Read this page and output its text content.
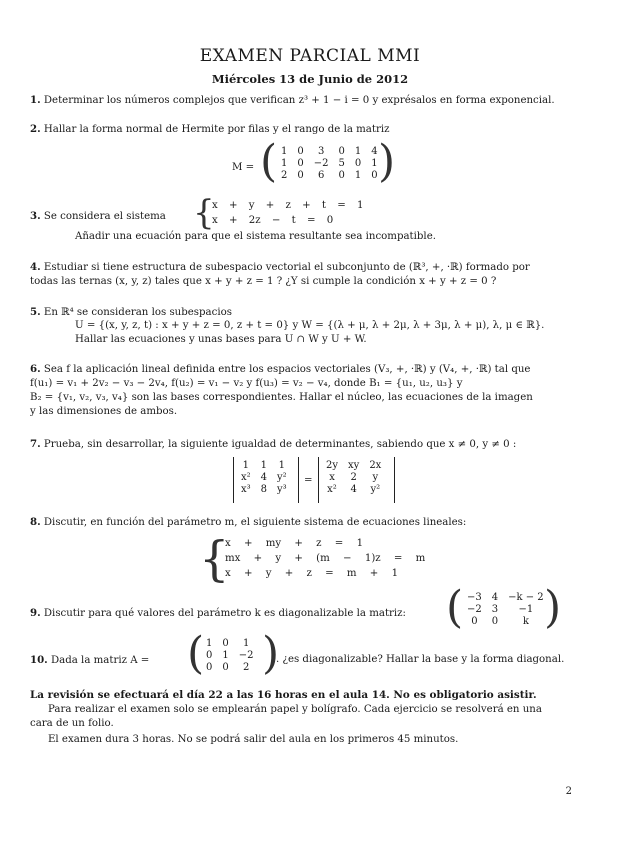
EXAMEN PARCIAL MMI
Miércoles 13 de Junio de 2012
1. Determinar los números complejos que verifican z³ + 1 − i = 0 y exprésalos en forma exponencial.
2. Hallar la forma normal de Hermite por filas y el rango de la matriz
M = ( 1	0	3	0	1	4
1	0	−2	5	0	1
2	0	6	0	1	0 )
3. Se considera el sistema {
x + y + z + t = 1
x + 2z − t = 0
Añadir una ecuación para que el sistema resultante sea incompatible.
4. Estudiar si tiene estructura de subespacio vectorial el subconjunto de (ℝ³, +, ·ℝ) formado por
todas las ternas (x, y, z) tales que x + y + z = 1 ? ¿Y si cumple la condición x + y + z = 0 ?
5. En ℝ⁴ se consideran los subespacios
U = {(x, y, z, t) : x + y + z = 0, z + t = 0} y W = {(λ + μ, λ + 2μ, λ + 3μ, λ + μ), λ, μ ∈ ℝ}.
Hallar las ecuaciones y unas bases para U ∩ W y U + W.
6. Sea f la aplicación lineal definida entre los espacios vectoriales (V₃, +, ·ℝ) y (V₄, +, ·ℝ) tal que
f(u₁) = v₁ + 2v₂ − v₃ − 2v₄, f(u₂) = v₁ − v₂ y f(u₃) = v₂ − v₄, donde B₁ = {u₁, u₂, u₃} y
B₂ = {v₁, v₂, v₃, v₄} son las bases correspondientes. Hallar el núcleo, las ecuaciones de la imagen
y las dimensiones de ambos.
7. Prueba, sin desarrollar, la siguiente igualdad de determinantes, sabiendo que x ≠ 0, y ≠ 0 :
1	1	1
x²	4	y²
x³	8	y³
=
2y	xy	2x
x	2	y
x²	4	y²
8. Discutir, en función del parámetro m, el siguiente sistema de ecuaciones lineales:
{
x + my + z = 1
mx + y + (m − 1)z = m
x + y + z = m + 1
9. Discutir para qué valores del parámetro k es diagonalizable la matriz: ( −3	4	−k − 2
−2	3	−1
0	0	k )
10. Dada la matriz A = ( 1	0	1
0	1	−2
0	0	2 )
. ¿es diagonalizable? Hallar la base y la forma diagonal.
La revisión se efectuará el día 22 a las 16 horas en el aula 14. No es obligatorio asistir.
Para realizar el examen solo se emplearán papel y bolígrafo. Cada ejercicio se resolverá en una
cara de un folio.
El examen dura 3 horas. No se podrá salir del aula en los primeros 45 minutos.
2
